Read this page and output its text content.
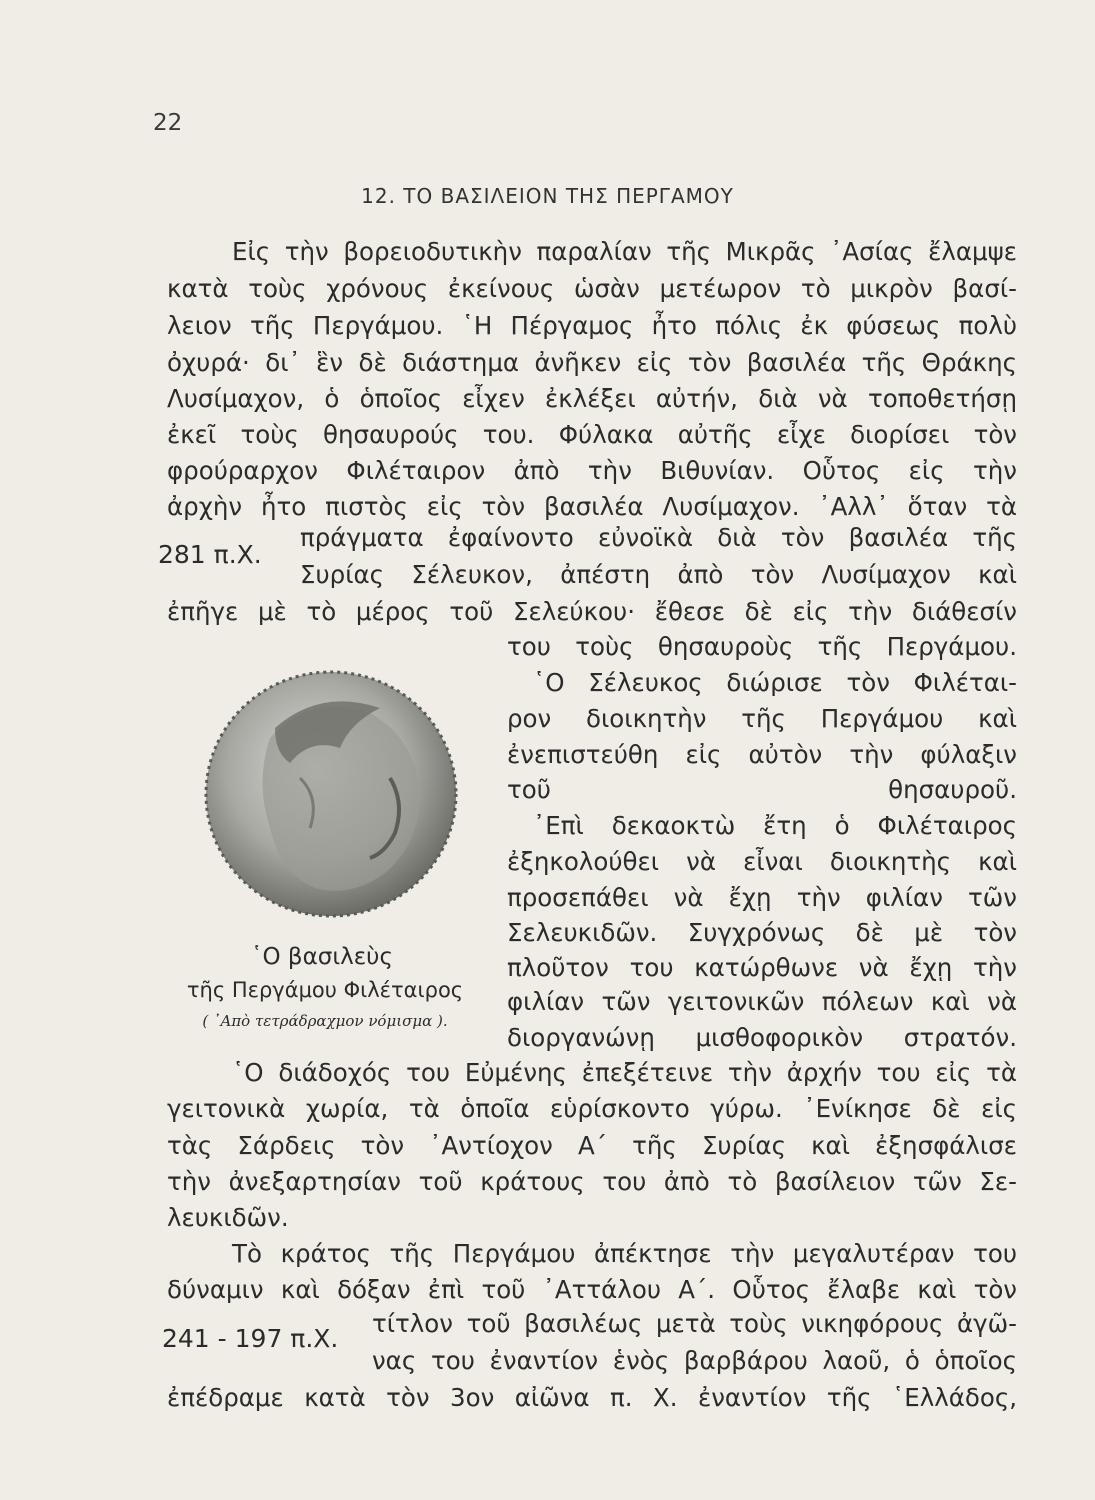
22
12. ΤΟ ΒΑΣΙΛΕΙΟΝ ΤΗΣ ΠΕΡΓΑΜΟΥ
Εἰς τὴν βορειοδυτικὴν παραλίαν τῆς Μικρᾶς ᾿Ασίας ἔλαμψε
κατὰ τοὺς χρόνους ἐκείνους ὡσὰν μετέωρον τὸ μικρὸν βασί-
λειον τῆς Περγάμου. ῾Η Πέργαμος ἦτο πόλις ἐκ φύσεως πολὺ
ὀχυρά· δι᾿ ἓν δὲ διάστημα ἀνῆκεν εἰς τὸν βασιλέα τῆς Θράκης
Λυσίμαχον, ὁ ὁποῖος εἶχεν ἐκλέξει αὐτήν, διὰ νὰ τοποθετήσῃ
ἐκεῖ τοὺς θησαυρούς του. Φύλακα αὐτῆς εἶχε διορίσει τὸν
φρούραρχον Φιλέταιρον ἀπὸ τὴν Βιθυνίαν. Οὗτος εἰς τὴν
ἀρχὴν ἦτο πιστὸς εἰς τὸν βασιλέα Λυσίμαχον. ᾿Αλλ᾿ ὅταν τὰ
281 π.Χ.
πράγματα ἐφαίνοντο εὐνοϊκὰ διὰ τὸν βασιλέα τῆς
Συρίας Σέλευκον, ἀπέστη ἀπὸ τὸν Λυσίμαχον καὶ
ἐπῆγε μὲ τὸ μέρος τοῦ Σελεύκου· ἔθεσε δὲ εἰς τὴν διάθεσίν
῾Ο βασιλεὺς
τῆς Περγάμου Φιλέταιρος
( ᾿Απὸ τετράδραχμον νόμισμα ).
του τοὺς θησαυροὺς τῆς Περγάμου.
῾Ο Σέλευκος διώρισε τὸν Φιλέται-
ρον διοικητὴν τῆς Περγάμου καὶ
ἐνεπιστεύθη εἰς αὐτὸν τὴν φύλαξιν
τοῦ θησαυροῦ.
᾿Επὶ δεκαοκτὼ ἔτη ὁ Φιλέταιρος
ἐξηκολούθει νὰ εἶναι διοικητὴς καὶ
προσεπάθει νὰ ἔχῃ τὴν φιλίαν τῶν
Σελευκιδῶν. Συγχρόνως δὲ μὲ τὸν
πλοῦτον του κατώρθωνε νὰ ἔχῃ τὴν
φιλίαν τῶν γειτονικῶν πόλεων καὶ νὰ
διοργανώνῃ μισθοφορικὸν στρατόν.
῾Ο διάδοχός του Εὐμένης ἐπεξέτεινε τὴν ἀρχήν του εἰς τὰ
γειτονικὰ χωρία, τὰ ὁποῖα εὑρίσκοντο γύρω. ᾿Ενίκησε δὲ εἰς
τὰς Σάρδεις τὸν ᾿Αντίοχον Α΄ τῆς Συρίας καὶ ἐξησφάλισε
τὴν ἀνεξαρτησίαν τοῦ κράτους του ἀπὸ τὸ βασίλειον τῶν Σε-
λευκιδῶν.
Τὸ κράτος τῆς Περγάμου ἀπέκτησε τὴν μεγαλυτέραν του
δύναμιν καὶ δόξαν ἐπὶ τοῦ ᾿Αττάλου Α΄. Οὗτος ἔλαβε καὶ τὸν
241 - 197 π.Χ.
τίτλον τοῦ βασιλέως μετὰ τοὺς νικηφόρους ἀγῶ-
νας του ἐναντίον ἑνὸς βαρβάρου λαοῦ, ὁ ὁποῖος
ἐπέδραμε κατὰ τὸν 3ον αἰῶνα π. Χ. ἐναντίον τῆς ῾Ελλάδος,
